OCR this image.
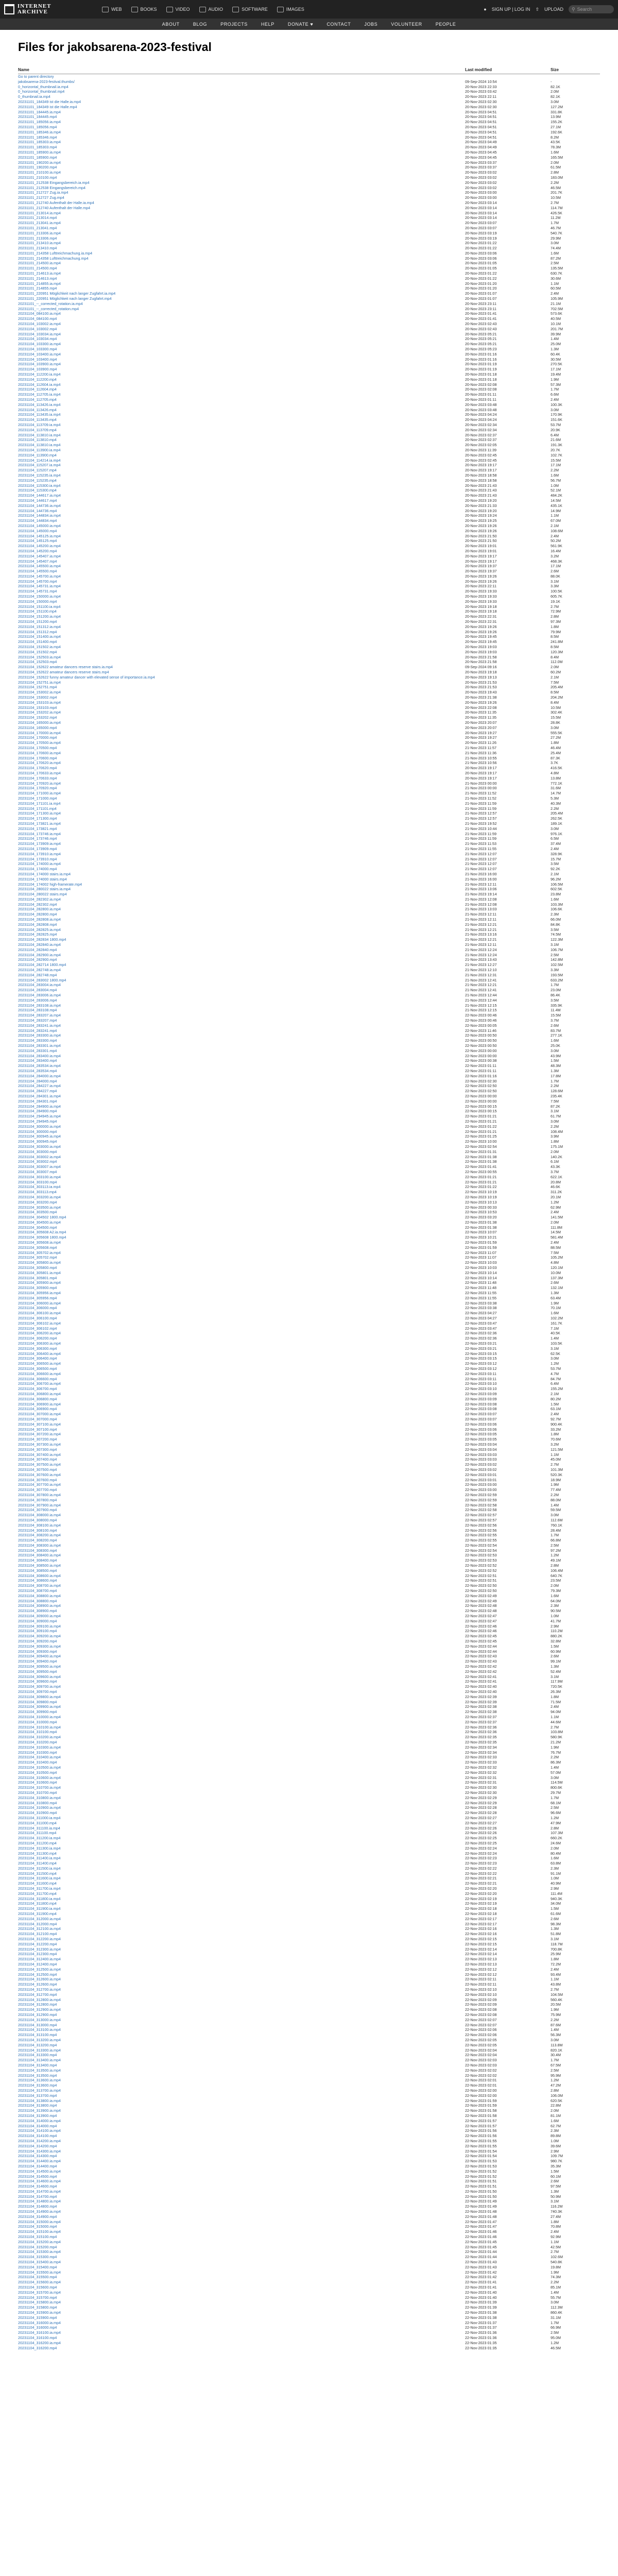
INTERNET
ARCHIVE	WEB	BOOKS	VIDEO	AUDIO	SOFTWARE	IMAGES	● SIGN UP | LOG IN ⇧ UPLOAD ⚲ Search
ABOUT	BLOG	PROJECTS	HELP	DONATE ♥	CONTACT	JOBS	VOLUNTEER	PEOPLE
Files for jakobsarena-2023-festival
Name	Last modified	Size
Go to parent directory		
jakobsarena-2023-festival.thumbs/	09-Sep-2024 10:54	-
0_horizontal_thumbnail.ia.mp4	20-Nov-2023 22:33	82.1K
0_horizontal_thumbnail.mp4	20-Nov-2023 03:42	2.0M
0_thumbnail.ia.mp4	20-Nov-2023 22:11	82.1K
20231101_184349 ist die Halle.ia.mp4	20-Nov-2023 02:30	3.0M
20231101_184349 ist die Halle.mp4	20-Nov-2023 02:30	127.2M
20231101_184445.ia.mp4	20-Nov-2023 04:51	331.8K
20231101_184445.mp4	20-Nov-2023 04:51	13.9M
20231101_185056.ia.mp4	20-Nov-2023 04:51	155.2K
20231101_185056.mp4	20-Nov-2023 04:51	27.1M
20231101_185346.ia.mp4	20-Nov-2023 04:51	192.6K
20231101_185346.mp4	20-Nov-2023 04:51	8.2M
20231101_185303.ia.mp4	20-Nov-2023 04:49	43.5K
20231101_185303.mp4	20-Nov-2023 04:49	78.3M
20231101_185900.ia.mp4	20-Nov-2023 04:45	1.6M
20231101_185900.mp4	20-Nov-2023 04:45	165.5M
20231101_190200.ia.mp4	20-Nov-2023 03:37	2.0M
20231101_190200.mp4	20-Nov-2023 03:37	61.5M
20231101_210100.ia.mp4	20-Nov-2023 03:02	2.8M
20231101_210100.mp4	20-Nov-2023 03:02	183.0M
20231101_212538 Eingangsbereich.ia.mp4	20-Nov-2023 03:02	2.2M
20231101_212538 Eingangsbereich.mp4	20-Nov-2023 03:02	46.5M
20231101_212727 Zug.ia.mp4	20-Nov-2023 03:00	201.7K
20231101_212727 Zug.mp4	20-Nov-2023 03:00	10.5M
20231101_212740 Aufenthalt der Halle.ia.mp4	20-Nov-2023 03:14	2.7M
20231101_212740 Aufenthalt der Halle.mp4	20-Nov-2023 03:14	114.7M
20231101_213014.ia.mp4	20-Nov-2023 03:14	426.5K
20231101_213014.mp4	20-Nov-2023 03:14	11.2M
20231101_213041.ia.mp4	20-Nov-2023 03:07	1.7M
20231101_213041.mp4	20-Nov-2023 03:07	46.7M
20231101_213306.ia.mp4	20-Nov-2023 03:19	540.7K
20231101_213306.mp4	20-Nov-2023 03:19	29.9M
20231101_213410.ia.mp4	20-Nov-2023 01:22	3.0M
20231101_213410.mp4	20-Nov-2023 01:22	74.4M
20231101_214358 Lufttreichmachung.ia.mp4	20-Nov-2023 03:06	1.6M
20231101_214358 Lufttreichmachung.mp4	20-Nov-2023 03:06	87.2M
20231101_214500.ia.mp4	20-Nov-2023 01:05	2.5M
20231101_214500.mp4	20-Nov-2023 01:05	135.5M
20231101_214613.ia.mp4	20-Nov-2023 01:22	630.7K
20231101_214613.mp4	20-Nov-2023 01:22	30.6M
20231101_214855.ia.mp4	20-Nov-2023 01:20	1.1M
20231101_214855.mp4	20-Nov-2023 01:20	60.5M
20231101_220951 Möglichkeit nach langer Zugfahrt.ia.mp4	20-Nov-2023 01:07	2.4M
20231101_220951 Möglichkeit nach langer Zugfahrt.mp4	20-Nov-2023 01:07	105.9M
20231101_--_corrected_rotation.ia.mp4	20-Nov-2023 23:11	21.1M
20231101_--_corrected_rotation.mp4	20-Nov-2023 23:11	702.5M
20231104_084100.ia.mp4	20-Nov-2023 01:41	573.6K
20231104_084100.mp4	20-Nov-2023 01:41	40.5M
20231104_103002.ia.mp4	20-Nov-2023 02:43	10.1M
20231104_103002.mp4	20-Nov-2023 02:43	201.7M
20231104_103034.ia.mp4	20-Nov-2023 05:21	39.9M
20231104_103034.mp4	20-Nov-2023 05:21	1.4M
20231104_103300.ia.mp4	20-Nov-2023 05:21	25.0M
20231104_103300.mp4	20-Nov-2023 05:23	1.3M
20231104_103400.ia.mp4	20-Nov-2023 01:16	60.4K
20231104_103400.mp4	20-Nov-2023 01:16	30.5M
20231104_103900.ia.mp4	20-Nov-2023 01:19	270.5K
20231104_103900.mp4	20-Nov-2023 01:19	17.1M
20231104_112200.ia.mp4	20-Nov-2023 01:18	19.4M
20231104_112200.mp4	20-Nov-2023 01:18	1.9M
20231104_112604.ia.mp4	20-Nov-2023 02:08	57.3M
20231104_112604.mp4	20-Nov-2023 02:08	1.7M
20231104_112705.ia.mp4	20-Nov-2023 01:11	6.6M
20231104_112705.mp4	20-Nov-2023 01:11	2.4M
20231104_113426.ia.mp4	20-Nov-2023 03:48	100.3K
20231104_113426.mp4	20-Nov-2023 03:48	3.0M
20231104_113435.ia.mp4	20-Nov-2023 04:24	170.9K
20231104_113435.mp4	20-Nov-2023 04:24	151.6K
20231104_113709.ia.mp4	20-Nov-2023 02:34	53.7M
20231104_113709.mp4	20-Nov-2023 02:34	20.9K
20231104_113810.ia.mp4	20-Nov-2023 02:37	6.4M
20231104_113810.mp4	20-Nov-2023 02:37	21.6M
20231104_113810.ia.mp4	20-Nov-2023 02:05	191.3K
20231104_113900.ia.mp4	20-Nov-2023 11:39	20.7K
20231104_113900.mp4	20-Nov-2023 02:45	102.7K
20231104_114214.ia.mp4	20-Nov-2023 02:45	15.5M
20231104_115207.ia.mp4	20-Nov-2023 19:17	17.1M
20231104_115207.mp4	20-Nov-2023 19:17	2.2M
20231104_115235.ia.mp4	20-Nov-2023 18:58	1.6M
20231104_115235.mp4	20-Nov-2023 18:58	56.7M
20231104_115300.ia.mp4	20-Nov-2023 21:43	1.0M
20231104_115300.mp4	20-Nov-2023 21:43	52.1M
20231104_144617.ia.mp4	20-Nov-2023 21:43	484.2K
20231104_144617.mp4	20-Nov-2023 19:20	14.5M
20231104_144736.ia.mp4	20-Nov-2023 21:33	435.1K
20231104_144736.mp4	20-Nov-2023 19:20	14.9M
20231104_144834.ia.mp4	20-Nov-2023 19:24	1.1M
20231104_144834.mp4	20-Nov-2023 19:25	67.0M
20231104_145000.ia.mp4	20-Nov-2023 19:26	2.1M
20231104_145000.mp4	20-Nov-2023 19:26	108.6M
20231104_145125.ia.mp4	20-Nov-2023 21:50	2.4M
20231104_145125.mp4	20-Nov-2023 21:50	50.2M
20231104_145200.ia.mp4	20-Nov-2023 19:01	561.9K
20231104_145200.mp4	20-Nov-2023 19:01	16.4M
20231104_145407.ia.mp4	20-Nov-2023 19:17	3.2M
20231104_145407.mp4	20-Nov-2023 19:17	468.3K
20231104_145500.ia.mp4	20-Nov-2023 19:37	17.1M
20231104_145500.mp4	20-Nov-2023 19:37	2.6M
20231104_145700.ia.mp4	20-Nov-2023 19:26	88.0K
20231104_145700.mp4	20-Nov-2023 19:26	3.1M
20231104_145731.ia.mp4	20-Nov-2023 22:11	3.3M
20231104_145731.mp4	20-Nov-2023 19:33	100.5K
20231104_150000.ia.mp4	20-Nov-2023 19:33	605.7K
20231104_150000.mp4	20-Nov-2023 19:33	19.1K
20231104_151100.ia.mp4	20-Nov-2023 19:18	2.7M
20231104_151100.mp4	20-Nov-2023 19:18	72.9M
20231104_151200.ia.mp4	20-Nov-2023 22:31	2.8M
20231104_151200.mp4	20-Nov-2023 22:31	97.3M
20231104_151312.ia.mp4	20-Nov-2023 19:26	1.8M
20231104_151312.mp4	20-Nov-2023 19:26	79.9M
20231104_151400.ia.mp4	20-Nov-2023 19:45	8.5M
20231104_151400.mp4	20-Nov-2023 19:45	241.8M
20231104_151502.ia.mp4	20-Nov-2023 19:03	8.5M
20231104_151502.mp4	20-Nov-2023 19:03	120.3M
20231104_152503.ia.mp4	20-Nov-2023 21:58	8.4M
20231104_152503.mp4	20-Nov-2023 21:58	112.0M
20231104_152622 amateur dancers reserve stairs.ia.mp4	09-Sep-2024 09:16	2.0M
20231104_152622 amateur dancers reserve stairs.mp4	20-Nov-2023 19:18	60.2M
20231104_152622 funny amateur dancer with elevated sense of importance.ia.mp4	20-Nov-2023 19:13	2.1M
20231104_152751.ia.mp4	20-Nov-2023 21:53	7.5M
20231104_152751.mp4	20-Nov-2023 21:53	205.4M
20231104_153002.ia.mp4	20-Nov-2023 19:43	8.5M
20231104_153002.mp4	20-Nov-2023 21:38	204.2M
20231104_153103.ia.mp4	20-Nov-2023 19:26	8.4M
20231104_153103.mp4	20-Nov-2023 22:08	10.5M
20231104_153202.ia.mp4	20-Nov-2023 11:35	302.4K
20231104_153202.mp4	20-Nov-2023 11:35	15.5M
20231104_165000.ia.mp4	20-Nov-2023 20:07	28.8K
20231104_165000.mp4	20-Nov-2023 20:07	3.0M
20231104_170000.ia.mp4	20-Nov-2023 19:27	555.5K
20231104_170000.mp4	20-Nov-2023 19:27	27.2M
20231104_170500.ia.mp4	20-Nov-2023 11:26	1.8M
20231104_170500.mp4	21-Nov-2023 11:57	46.4M
20231104_170600.ia.mp4	21-Nov-2023 11:36	25.4M
20231104_170600.mp4	21-Nov-2023 10:55	87.3K
20231104_170620.ia.mp4	21-Nov-2023 10:56	3.7K
20231104_170620.mp4	20-Nov-2023 19:17	416.5K
20231104_170633.ia.mp4	20-Nov-2023 19:17	4.8M
20231104_170633.mp4	20-Nov-2023 19:17	13.8M
20231104_170920.ia.mp4	21-Nov-2023 00:00	772.1K
20231104_170920.mp4	21-Nov-2023 00:00	31.6M
20231104_171000.ia.mp4	21-Nov-2023 11:52	14.7M
20231104_171000.mp4	21-Nov-2023 11:52	5.3M
20231104_171101.ia.mp4	21-Nov-2023 11:59	40.3M
20231104_171101.mp4	21-Nov-2023 11:59	2.2M
20231104_171300.ia.mp4	21-Nov-2023 12:57	205.4M
20231104_171300.mp4	21-Nov-2023 12:57	262.5K
20231104_173821.ia.mp4	21-Nov-2023 19:52	189.1K
20231104_173821.mp4	21-Nov-2023 10:44	3.0M
20231104_173746.ia.mp4	21-Nov-2023 11:59	976.1K
20231104_173746.mp4	21-Nov-2023 11:59	6.5M
20231104_173909.ia.mp4	21-Nov-2023 11:53	37.4M
20231104_173909.mp4	21-Nov-2023 11:55	2.4M
20231104_173910.ia.mp4	21-Nov-2023 12:07	328.9K
20231104_173910.mp4	21-Nov-2023 12:07	15.7M
20231104_174000.ia.mp4	21-Nov-2023 12:07	3.5M
20231104_174000.mp4	21-Nov-2023 12:07	92.2K
20231104_174000 stairs.ia.mp4	21-Nov-2023 16:00	2.1M
20231104_174000 stairs.mp4	21-Nov-2023 16:00	96.2M
20231104_174002 high-framerate.mp4	21-Nov-2023 12:11	106.5M
20231104_280022 stairs.ia.mp4	21-Nov-2023 13:06	602.5K
20231104_280022 stairs.mp4	21-Nov-2023 19:14	23.8M
20231104_282302.ia.mp4	21-Nov-2023 12:08	1.6M
20231104_282302.mp4	21-Nov-2023 12:08	103.3M
20231104_282800.ia.mp4	21-Nov-2023 13:03	106.6K
20231104_282800.mp4	21-Nov-2023 12:11	2.3M
20231104_282808.ia.mp4	21-Nov-2023 12:11	66.0M
20231104_282808.mp4	21-Nov-2023 12:21	84.8K
20231104_282825.ia.mp4	21-Nov-2023 12:21	3.5M
20231104_282825.mp4	21-Nov-2023 13:16	74.5M
20231104_282834 1800.mp4	21-Nov-2023 12:21	122.3M
20231104_282840.ia.mp4	21-Nov-2023 12:11	3.1M
20231104_282840.mp4	21-Nov-2023 12:24	106.7M
20231104_282900.ia.mp4	21-Nov-2023 12:24	2.5M
20231104_282900.mp4	21-Nov-2023 13:43	142.8M
20231104_282714 1800.mp4	21-Nov-2023 12:27	102.5M
20231104_282748.ia.mp4	21-Nov-2023 12:10	3.3M
20231104_282748.mp4	21-Nov-2023 12:31	193.5M
20231104_283002 1800.mp4	21-Nov-2023 12:41	633.2M
20231104_283004.ia.mp4	21-Nov-2023 12:21	1.7M
20231104_283004.mp4	21-Nov-2023 12:41	23.0M
20231104_283006.ia.mp4	21-Nov-2023 12:44	86.4K
20231104_283006.mp4	21-Nov-2023 12:44	3.5M
20231104_283108.ia.mp4	21-Nov-2023 12:15	335.9K
20231104_283108.mp4	21-Nov-2023 12:15	11.4M
20231104_283207.ia.mp4	22-Nov-2023 00:46	15.5M
20231104_283207.mp4	22-Nov-2023 00:46	3.7M
20231104_283241.ia.mp4	22-Nov-2023 00:05	2.6M
20231104_283241.mp4	22-Nov-2023 11:46	83.7M
20231104_283300.ia.mp4	22-Nov-2023 00:50	277.1K
20231104_283300.mp4	22-Nov-2023 00:50	1.6M
20231104_283301.ia.mp4	22-Nov-2023 00:50	25.0K
20231104_283301.mp4	22-Nov-2023 00:00	3.0M
20231104_283400.ia.mp4	22-Nov-2023 00:00	43.9M
20231104_283400.mp4	22-Nov-2023 00:38	1.5M
20231104_283534.ia.mp4	22-Nov-2023 01:11	48.3M
20231104_283534.mp4	22-Nov-2023 01:11	1.3M
20231104_284000.ia.mp4	22-Nov-2023 01:16	17.8M
20231104_284000.mp4	22-Nov-2023 02:30	1.7M
20231104_284227.ia.mp4	22-Nov-2023 02:50	2.2M
20231104_284227.mp4	22-Nov-2023 02:50	128.6M
20231104_284301.ia.mp4	22-Nov-2023 00:00	235.4K
20231104_284301.mp4	22-Nov-2023 00:00	7.5M
20231104_284900.ia.mp4	22-Nov-2023 00:15	87.2K
20231104_284900.mp4	22-Nov-2023 00:15	3.1M
20231104_294945.ia.mp4	22-Nov-2023 01:21	61.7M
20231104_294945.mp4	22-Nov-2023 01:21	3.0M
20231104_300000.ia.mp4	22-Nov-2023 01:22	2.2M
20231104_300000.mp4	22-Nov-2023 01:21	108.4M
20231104_300945.ia.mp4	22-Nov-2023 01:25	3.9M
20231104_300945.mp4	22-Nov-2023 10:00	1.8M
20231104_303000.ia.mp4	22-Nov-2023 02:54	175.1M
20231104_303000.mp4	22-Nov-2023 01:31	2.0M
20231104_303002.ia.mp4	22-Nov-2023 01:38	140.2K
20231104_303002.mp4	22-Nov-2023 01:38	6.1M
20231104_303007.ia.mp4	22-Nov-2023 01:41	43.3K
20231104_303007.mp4	22-Nov-2023 00:55	3.7M
20231104_303100.ia.mp4	22-Nov-2023 01:21	622.1K
20231104_303100.mp4	22-Nov-2023 01:21	20.8M
20231104_303113.ia.mp4	22-Nov-2023 01:22	46.6K
20231104_303113.mp4	22-Nov-2023 10:19	311.2K
20231104_303200.ia.mp4	22-Nov-2023 10:19	20.1M
20231104_303200.mp4	22-Nov-2023 10:13	1.2M
20231104_303500.ia.mp4	22-Nov-2023 00:33	62.9M
20231104_303500.mp4	22-Nov-2023 10:53	2.4M
20231104_304502 1800.mp4	22-Nov-2023 03:20	141.5M
20231104_304500.ia.mp4	22-Nov-2023 01:38	2.0M
20231104_304500.mp4	22-Nov-2023 01:38	111.8M
20231104_305608 A2.ia.mp4	22-Nov-2023 10:07	14.5M
20231104_305608 1800.mp4	22-Nov-2023 10:21	581.4M
20231104_305608.ia.mp4	22-Nov-2023 01:59	2.4M
20231104_305608.mp4	22-Nov-2023 01:59	88.5M
20231104_305702.ia.mp4	22-Nov-2023 11:07	7.5M
20231104_305702.mp4	22-Nov-2023 11:07	105.2M
20231104_305800.ia.mp4	22-Nov-2023 10:03	4.8M
20231104_305800.mp4	22-Nov-2023 10:03	120.1M
20231104_305801.ia.mp4	22-Nov-2023 10:14	10.0M
20231104_305801.mp4	22-Nov-2023 10:14	137.3M
20231104_305900.ia.mp4	22-Nov-2023 11:48	2.6M
20231104_305900.mp4	22-Nov-2023 11:48	132.1M
20231104_305956.ia.mp4	22-Nov-2023 11:55	1.3M
20231104_305956.mp4	22-Nov-2023 11:55	63.4M
20231104_306000.ia.mp4	22-Nov-2023 03:38	1.9M
20231104_306000.mp4	22-Nov-2023 03:38	70.1M
20231104_306100.ia.mp4	22-Nov-2023 04:27	1.6M
20231104_306100.mp4	22-Nov-2023 04:27	102.2M
20231104_306102.ia.mp4	22-Nov-2023 03:47	161.7K
20231104_306102.mp4	22-Nov-2023 03:47	7.1M
20231104_306200.ia.mp4	22-Nov-2023 02:36	40.5K
20231104_306200.mp4	22-Nov-2023 02:36	1.4M
20231104_306300.ia.mp4	22-Nov-2023 03:21	103.5K
20231104_306300.mp4	22-Nov-2023 03:21	3.1M
20231104_306400.ia.mp4	22-Nov-2023 03:15	62.5K
20231104_306400.mp4	22-Nov-2023 03:15	3.0M
20231104_306500.ia.mp4	22-Nov-2023 03:12	1.2M
20231104_306500.mp4	22-Nov-2023 03:12	53.7M
20231104_306600.ia.mp4	22-Nov-2023 03:11	4.7M
20231104_306600.mp4	22-Nov-2023 03:11	84.7M
20231104_306700.ia.mp4	22-Nov-2023 03:10	6.4M
20231104_306700.mp4	22-Nov-2023 03:10	155.2M
20231104_306800.ia.mp4	22-Nov-2023 03:09	2.1M
20231104_306800.mp4	22-Nov-2023 03:09	80.2M
20231104_306900.ia.mp4	22-Nov-2023 03:08	1.5M
20231104_306900.mp4	22-Nov-2023 03:08	63.1M
20231104_307000.ia.mp4	22-Nov-2023 03:07	2.4M
20231104_307000.mp4	22-Nov-2023 03:07	92.7M
20231104_307100.ia.mp4	22-Nov-2023 03:06	900.4K
20231104_307100.mp4	22-Nov-2023 03:06	33.2M
20231104_307200.ia.mp4	22-Nov-2023 03:05	1.8M
20231104_307200.mp4	22-Nov-2023 03:05	70.6M
20231104_307300.ia.mp4	22-Nov-2023 03:04	3.2M
20231104_307300.mp4	22-Nov-2023 03:04	121.5M
20231104_307400.ia.mp4	22-Nov-2023 03:03	1.1M
20231104_307400.mp4	22-Nov-2023 03:03	45.0M
20231104_307500.ia.mp4	22-Nov-2023 03:02	2.7M
20231104_307500.mp4	22-Nov-2023 03:02	101.3M
20231104_307600.ia.mp4	22-Nov-2023 03:01	520.3K
20231104_307600.mp4	22-Nov-2023 03:01	18.9M
20231104_307700.ia.mp4	22-Nov-2023 03:00	1.9M
20231104_307700.mp4	22-Nov-2023 03:00	77.4M
20231104_307800.ia.mp4	22-Nov-2023 02:59	2.2M
20231104_307800.mp4	22-Nov-2023 02:59	88.0M
20231104_307900.ia.mp4	22-Nov-2023 02:58	1.4M
20231104_307900.mp4	22-Nov-2023 02:58	59.5M
20231104_308000.ia.mp4	22-Nov-2023 02:57	3.0M
20231104_308000.mp4	22-Nov-2023 02:57	112.6M
20231104_308100.ia.mp4	22-Nov-2023 02:56	760.1K
20231104_308100.mp4	22-Nov-2023 02:56	28.4M
20231104_308200.ia.mp4	22-Nov-2023 02:55	1.7M
20231104_308200.mp4	22-Nov-2023 02:55	66.8M
20231104_308300.ia.mp4	22-Nov-2023 02:54	2.5M
20231104_308300.mp4	22-Nov-2023 02:54	97.2M
20231104_308400.ia.mp4	22-Nov-2023 02:53	1.2M
20231104_308400.mp4	22-Nov-2023 02:53	49.1M
20231104_308500.ia.mp4	22-Nov-2023 02:52	2.8M
20231104_308500.mp4	22-Nov-2023 02:52	106.4M
20231104_308600.ia.mp4	22-Nov-2023 02:51	640.7K
20231104_308600.mp4	22-Nov-2023 02:51	23.5M
20231104_308700.ia.mp4	22-Nov-2023 02:50	2.0M
20231104_308700.mp4	22-Nov-2023 02:50	79.3M
20231104_308800.ia.mp4	22-Nov-2023 02:49	1.6M
20231104_308800.mp4	22-Nov-2023 02:49	64.0M
20231104_308900.ia.mp4	22-Nov-2023 02:48	2.3M
20231104_308900.mp4	22-Nov-2023 02:48	90.5M
20231104_309000.ia.mp4	22-Nov-2023 02:47	1.0M
20231104_309000.mp4	22-Nov-2023 02:47	41.7M
20231104_309100.ia.mp4	22-Nov-2023 02:46	2.9M
20231104_309100.mp4	22-Nov-2023 02:46	110.2M
20231104_309200.ia.mp4	22-Nov-2023 02:45	880.2K
20231104_309200.mp4	22-Nov-2023 02:45	32.8M
20231104_309300.ia.mp4	22-Nov-2023 02:44	1.5M
20231104_309300.mp4	22-Nov-2023 02:44	60.9M
20231104_309400.ia.mp4	22-Nov-2023 02:43	2.6M
20231104_309400.mp4	22-Nov-2023 02:43	99.1M
20231104_309500.ia.mp4	22-Nov-2023 02:42	1.3M
20231104_309500.mp4	22-Nov-2023 02:42	52.4M
20231104_309600.ia.mp4	22-Nov-2023 02:41	3.1M
20231104_309600.mp4	22-Nov-2023 02:41	117.9M
20231104_309700.ia.mp4	22-Nov-2023 02:40	720.5K
20231104_309700.mp4	22-Nov-2023 02:40	26.3M
20231104_309800.ia.mp4	22-Nov-2023 02:39	1.8M
20231104_309800.mp4	22-Nov-2023 02:39	71.5M
20231104_309900.ia.mp4	22-Nov-2023 02:38	2.4M
20231104_309900.mp4	22-Nov-2023 02:38	94.0M
20231104_310000.ia.mp4	22-Nov-2023 02:37	1.1M
20231104_310000.mp4	22-Nov-2023 02:37	44.6M
20231104_310100.ia.mp4	22-Nov-2023 02:36	2.7M
20231104_310100.mp4	22-Nov-2023 02:36	103.8M
20231104_310200.ia.mp4	22-Nov-2023 02:35	580.9K
20231104_310200.mp4	22-Nov-2023 02:35	21.2M
20231104_310300.ia.mp4	22-Nov-2023 02:34	1.9M
20231104_310300.mp4	22-Nov-2023 02:34	76.7M
20231104_310400.ia.mp4	22-Nov-2023 02:33	2.2M
20231104_310400.mp4	22-Nov-2023 02:33	86.3M
20231104_310500.ia.mp4	22-Nov-2023 02:32	1.4M
20231104_310500.mp4	22-Nov-2023 02:32	57.0M
20231104_310600.ia.mp4	22-Nov-2023 02:31	3.0M
20231104_310600.mp4	22-Nov-2023 02:31	114.5M
20231104_310700.ia.mp4	22-Nov-2023 02:30	800.6K
20231104_310700.mp4	22-Nov-2023 02:30	29.7M
20231104_310800.ia.mp4	22-Nov-2023 02:29	1.7M
20231104_310800.mp4	22-Nov-2023 02:29	68.1M
20231104_310900.ia.mp4	22-Nov-2023 02:28	2.5M
20231104_310900.mp4	22-Nov-2023 02:28	96.6M
20231104_311000.ia.mp4	22-Nov-2023 02:27	1.2M
20231104_311000.mp4	22-Nov-2023 02:27	47.9M
20231104_311100.ia.mp4	22-Nov-2023 02:26	2.8M
20231104_311100.mp4	22-Nov-2023 02:26	107.3M
20231104_311200.ia.mp4	22-Nov-2023 02:25	660.2K
20231104_311200.mp4	22-Nov-2023 02:25	24.6M
20231104_311300.ia.mp4	22-Nov-2023 02:24	2.0M
20231104_311300.mp4	22-Nov-2023 02:24	80.4M
20231104_311400.ia.mp4	22-Nov-2023 02:23	1.6M
20231104_311400.mp4	22-Nov-2023 02:23	63.8M
20231104_311500.ia.mp4	22-Nov-2023 02:22	2.3M
20231104_311500.mp4	22-Nov-2023 02:22	91.1M
20231104_311600.ia.mp4	22-Nov-2023 02:21	1.0M
20231104_311600.mp4	22-Nov-2023 02:21	40.9M
20231104_311700.ia.mp4	22-Nov-2023 02:20	2.9M
20231104_311700.mp4	22-Nov-2023 02:20	111.4M
20231104_311800.ia.mp4	22-Nov-2023 02:19	940.3K
20231104_311800.mp4	22-Nov-2023 02:19	34.0M
20231104_311900.ia.mp4	22-Nov-2023 02:18	1.5M
20231104_311900.mp4	22-Nov-2023 02:18	61.6M
20231104_312000.ia.mp4	22-Nov-2023 02:17	2.6M
20231104_312000.mp4	22-Nov-2023 02:17	98.3M
20231104_312100.ia.mp4	22-Nov-2023 02:16	1.3M
20231104_312100.mp4	22-Nov-2023 02:16	51.8M
20231104_312200.ia.mp4	22-Nov-2023 02:15	3.1M
20231104_312200.mp4	22-Nov-2023 02:15	118.7M
20231104_312300.ia.mp4	22-Nov-2023 02:14	700.8K
20231104_312300.mp4	22-Nov-2023 02:14	25.9M
20231104_312400.ia.mp4	22-Nov-2023 02:13	1.8M
20231104_312400.mp4	22-Nov-2023 02:13	72.2M
20231104_312500.ia.mp4	22-Nov-2023 02:12	2.4M
20231104_312500.mp4	22-Nov-2023 02:12	93.4M
20231104_312600.ia.mp4	22-Nov-2023 02:11	1.1M
20231104_312600.mp4	22-Nov-2023 02:11	43.8M
20231104_312700.ia.mp4	22-Nov-2023 02:10	2.7M
20231104_312700.mp4	22-Nov-2023 02:10	104.5M
20231104_312800.ia.mp4	22-Nov-2023 02:09	560.4K
20231104_312800.mp4	22-Nov-2023 02:09	20.5M
20231104_312900.ia.mp4	22-Nov-2023 02:08	1.9M
20231104_312900.mp4	22-Nov-2023 02:08	75.9M
20231104_313000.ia.mp4	22-Nov-2023 02:07	2.2M
20231104_313000.mp4	22-Nov-2023 02:07	87.6M
20231104_313100.ia.mp4	22-Nov-2023 02:06	1.4M
20231104_313100.mp4	22-Nov-2023 02:06	56.3M
20231104_313200.ia.mp4	22-Nov-2023 02:05	3.0M
20231104_313200.mp4	22-Nov-2023 02:05	113.8M
20231104_313300.ia.mp4	22-Nov-2023 02:04	820.1K
20231104_313300.mp4	22-Nov-2023 02:04	30.4M
20231104_313400.ia.mp4	22-Nov-2023 02:03	1.7M
20231104_313400.mp4	22-Nov-2023 02:03	67.5M
20231104_313500.ia.mp4	22-Nov-2023 02:02	2.5M
20231104_313500.mp4	22-Nov-2023 02:02	95.9M
20231104_313600.ia.mp4	22-Nov-2023 02:01	1.2M
20231104_313600.mp4	22-Nov-2023 02:01	47.2M
20231104_313700.ia.mp4	22-Nov-2023 02:00	2.8M
20231104_313700.mp4	22-Nov-2023 02:00	106.0M
20231104_313800.ia.mp4	22-Nov-2023 01:59	620.5K
20231104_313800.mp4	22-Nov-2023 01:59	22.8M
20231104_313900.ia.mp4	22-Nov-2023 01:58	2.0M
20231104_313900.mp4	22-Nov-2023 01:58	81.1M
20231104_314000.ia.mp4	22-Nov-2023 01:57	1.6M
20231104_314000.mp4	22-Nov-2023 01:57	62.7M
20231104_314100.ia.mp4	22-Nov-2023 01:56	2.3M
20231104_314100.mp4	22-Nov-2023 01:56	89.8M
20231104_314200.ia.mp4	22-Nov-2023 01:55	1.0M
20231104_314200.mp4	22-Nov-2023 01:55	39.6M
20231104_314300.ia.mp4	22-Nov-2023 01:54	2.9M
20231104_314300.mp4	22-Nov-2023 01:54	109.7M
20231104_314400.ia.mp4	22-Nov-2023 01:53	980.7K
20231104_314400.mp4	22-Nov-2023 01:53	35.3M
20231104_314500.ia.mp4	22-Nov-2023 01:52	1.5M
20231104_314500.mp4	22-Nov-2023 01:52	60.1M
20231104_314600.ia.mp4	22-Nov-2023 01:51	2.6M
20231104_314600.mp4	22-Nov-2023 01:51	97.5M
20231104_314700.ia.mp4	22-Nov-2023 01:50	1.3M
20231104_314700.mp4	22-Nov-2023 01:50	50.9M
20231104_314800.ia.mp4	22-Nov-2023 01:49	3.1M
20231104_314800.mp4	22-Nov-2023 01:49	116.2M
20231104_314900.ia.mp4	22-Nov-2023 01:48	740.3K
20231104_314900.mp4	22-Nov-2023 01:48	27.4M
20231104_315000.ia.mp4	22-Nov-2023 01:47	1.8M
20231104_315000.mp4	22-Nov-2023 01:47	70.8M
20231104_315100.ia.mp4	22-Nov-2023 01:46	2.4M
20231104_315100.mp4	22-Nov-2023 01:46	92.9M
20231104_315200.ia.mp4	22-Nov-2023 01:45	1.1M
20231104_315200.mp4	22-Nov-2023 01:45	42.5M
20231104_315300.ia.mp4	22-Nov-2023 01:44	2.7M
20231104_315300.mp4	22-Nov-2023 01:44	102.6M
20231104_315400.ia.mp4	22-Nov-2023 01:43	540.8K
20231104_315400.mp4	22-Nov-2023 01:43	19.8M
20231104_315500.ia.mp4	22-Nov-2023 01:42	1.9M
20231104_315500.mp4	22-Nov-2023 01:42	74.3M
20231104_315600.ia.mp4	22-Nov-2023 01:41	2.2M
20231104_315600.mp4	22-Nov-2023 01:41	85.1M
20231104_315700.ia.mp4	22-Nov-2023 01:40	1.4M
20231104_315700.mp4	22-Nov-2023 01:40	55.7M
20231104_315800.ia.mp4	22-Nov-2023 01:39	3.0M
20231104_315800.mp4	22-Nov-2023 01:39	112.3M
20231104_315900.ia.mp4	22-Nov-2023 01:38	860.4K
20231104_315900.mp4	22-Nov-2023 01:38	31.1M
20231104_316000.ia.mp4	22-Nov-2023 01:37	1.7M
20231104_316000.mp4	22-Nov-2023 01:37	66.9M
20231104_316100.ia.mp4	22-Nov-2023 01:36	2.5M
20231104_316100.mp4	22-Nov-2023 01:36	95.0M
20231104_316200.ia.mp4	22-Nov-2023 01:35	1.2M
20231104_316200.mp4	22-Nov-2023 01:35	46.5M
